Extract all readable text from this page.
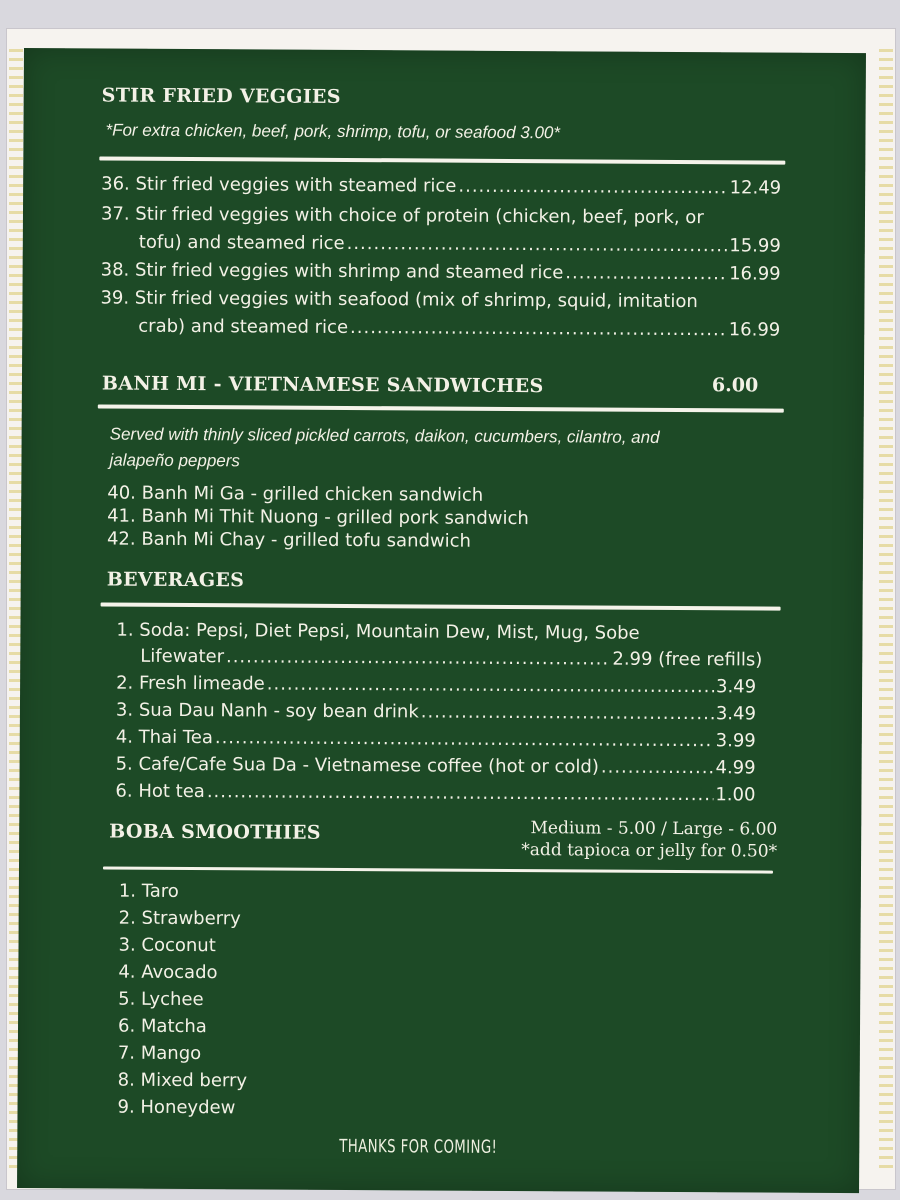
STIR FRIED VEGGIES
*For extra chicken, beef, pork, shrimp, tofu, or seafood 3.00*
36. Stir fried veggies with steamed rice .....	12.49
37. Stir fried veggies with choice of protein (chicken, beef, pork, or
tofu) and steamed rice .....	15.99
38. Stir fried veggies with shrimp and steamed rice .....	16.99
39. Stir fried veggies with seafood (mix of shrimp, squid, imitation
crab) and steamed rice .....	16.99
BANH MI - VIETNAMESE SANDWICHES	6.00
Served with thinly sliced pickled carrots, daikon, cucumbers, cilantro, and
jalapeño peppers
40. Banh Mi Ga - grilled chicken sandwich
41. Banh Mi Thit Nuong - grilled pork sandwich
42. Banh Mi Chay - grilled tofu sandwich
BEVERAGES
1. Soda: Pepsi, Diet Pepsi, Mountain Dew, Mist, Mug, Sobe
Lifewater .....	2.99 (free refills)
2. Fresh limeade .....	3.49
3. Sua Dau Nanh - soy bean drink .....	3.49
4. Thai Tea .....	3.99
5. Cafe/Cafe Sua Da - Vietnamese coffee (hot or cold) .....	4.99
6. Hot tea .....	1.00
BOBA SMOOTHIES	Medium - 5.00 / Large - 6.00
*add tapioca or jelly for 0.50*
1. Taro
2. Strawberry
3. Coconut
4. Avocado
5. Lychee
6. Matcha
7. Mango
8. Mixed berry
9. Honeydew
THANKS FOR COMING!
